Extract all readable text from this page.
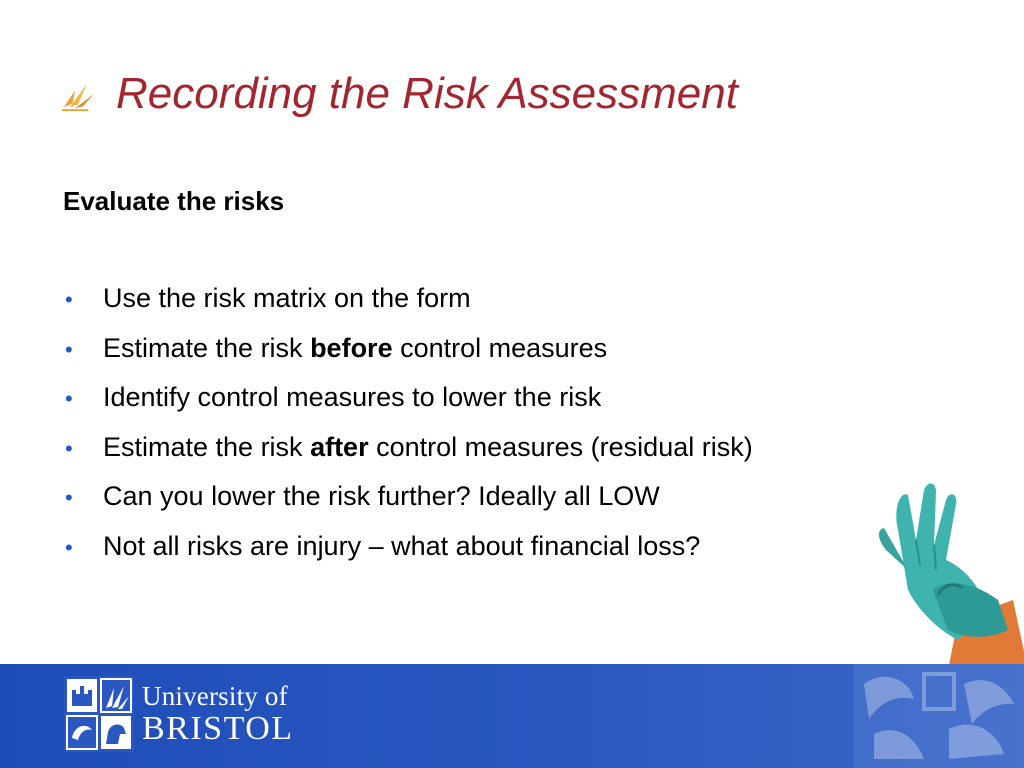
Recording the Risk Assessment
Evaluate the risks
•	Use the risk matrix on the form
•	Estimate the risk before control measures
•	Identify control measures to lower the risk
•	Estimate the risk after control measures (residual risk)
•	Can you lower the risk further? Ideally all LOW
•	Not all risks are injury – what about financial loss?
University of
BRISTOL
